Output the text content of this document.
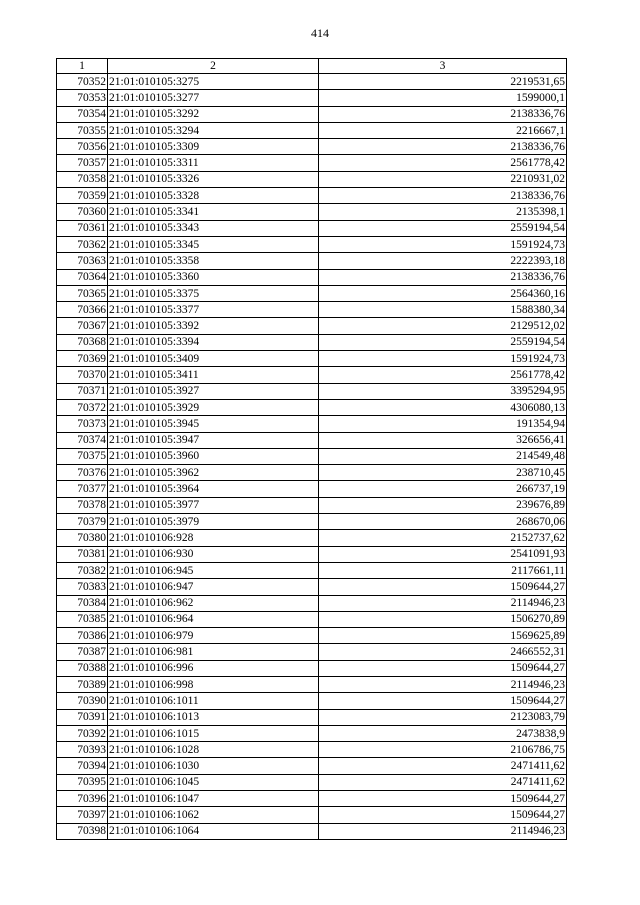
414
1	2	3
70352	21:01:010105:3275	2219531,65
70353	21:01:010105:3277	1599000,1
70354	21:01:010105:3292	2138336,76
70355	21:01:010105:3294	2216667,1
70356	21:01:010105:3309	2138336,76
70357	21:01:010105:3311	2561778,42
70358	21:01:010105:3326	2210931,02
70359	21:01:010105:3328	2138336,76
70360	21:01:010105:3341	2135398,1
70361	21:01:010105:3343	2559194,54
70362	21:01:010105:3345	1591924,73
70363	21:01:010105:3358	2222393,18
70364	21:01:010105:3360	2138336,76
70365	21:01:010105:3375	2564360,16
70366	21:01:010105:3377	1588380,34
70367	21:01:010105:3392	2129512,02
70368	21:01:010105:3394	2559194,54
70369	21:01:010105:3409	1591924,73
70370	21:01:010105:3411	2561778,42
70371	21:01:010105:3927	3395294,95
70372	21:01:010105:3929	4306080,13
70373	21:01:010105:3945	191354,94
70374	21:01:010105:3947	326656,41
70375	21:01:010105:3960	214549,48
70376	21:01:010105:3962	238710,45
70377	21:01:010105:3964	266737,19
70378	21:01:010105:3977	239676,89
70379	21:01:010105:3979	268670,06
70380	21:01:010106:928	2152737,62
70381	21:01:010106:930	2541091,93
70382	21:01:010106:945	2117661,11
70383	21:01:010106:947	1509644,27
70384	21:01:010106:962	2114946,23
70385	21:01:010106:964	1506270,89
70386	21:01:010106:979	1569625,89
70387	21:01:010106:981	2466552,31
70388	21:01:010106:996	1509644,27
70389	21:01:010106:998	2114946,23
70390	21:01:010106:1011	1509644,27
70391	21:01:010106:1013	2123083,79
70392	21:01:010106:1015	2473838,9
70393	21:01:010106:1028	2106786,75
70394	21:01:010106:1030	2471411,62
70395	21:01:010106:1045	2471411,62
70396	21:01:010106:1047	1509644,27
70397	21:01:010106:1062	1509644,27
70398	21:01:010106:1064	2114946,23
